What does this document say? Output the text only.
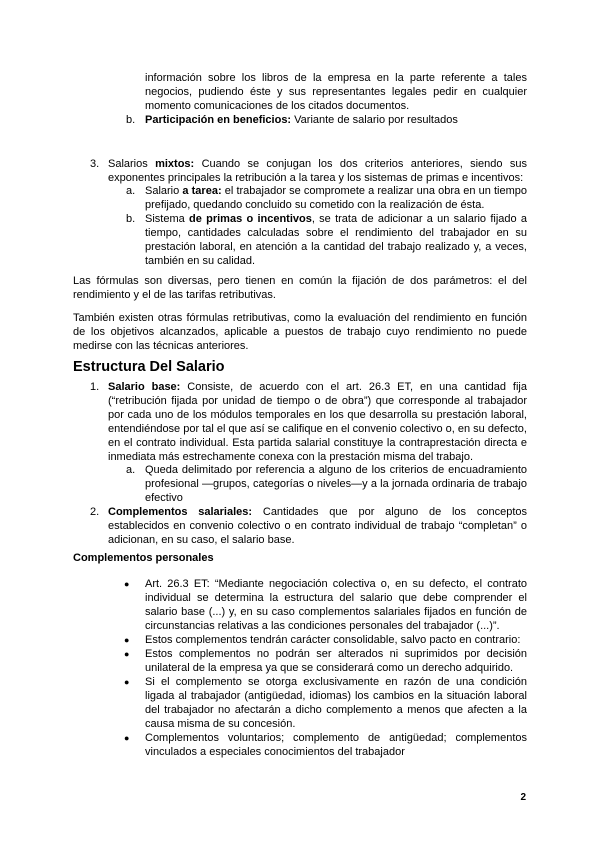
información sobre los libros de la empresa en la parte referente a tales negocios, pudiendo éste y sus representantes legales pedir en cualquier momento comunicaciones de los citados documentos.

b. Participación en beneficios: Variante de salario por resultados

3. Salarios mixtos: Cuando se conjugan los dos criterios anteriores, siendo sus exponentes principales la retribución a la tarea y los sistemas de primas e incentivos:

a. Salario a tarea: el trabajador se compromete a realizar una obra en un tiempo prefijado, quedando concluido su cometido con la realización de ésta.

b. Sistema de primas o incentivos, se trata de adicionar a un salario fijado a tiempo, cantidades calculadas sobre el rendimiento del trabajador en su prestación laboral, en atención a la cantidad del trabajo realizado y, a veces, también en su calidad.

Las fórmulas son diversas, pero tienen en común la fijación de dos parámetros: el del rendimiento y el de las tarifas retributivas.

También existen otras fórmulas retributivas, como la evaluación del rendimiento en función de los objetivos alcanzados, aplicable a puestos de trabajo cuyo rendimiento no puede medirse con las técnicas anteriores.

Estructura Del Salario
1. Salario base: Consiste, de acuerdo con el art. 26.3 ET, en una cantidad fija (“retribución fijada por unidad de tiempo o de obra”) que corresponde al trabajador por cada uno de los módulos temporales en los que desarrolla su prestación laboral, entendiéndose por tal el que así se califique en el convenio colectivo o, en su defecto, en el contrato individual. Esta partida salarial constituye la contraprestación directa e inmediata más estrechamente conexa con la prestación misma del trabajo.

a. Queda delimitado por referencia a alguno de los criterios de encuadramiento profesional —grupos, categorías o niveles—y a la jornada ordinaria de trabajo efectivo

2. Complementos salariales: Cantidades que por alguno de los conceptos establecidos en convenio colectivo o en contrato individual de trabajo “completan” o adicionan, en su caso, el salario base.

Complementos personales
● Art. 26.3 ET: “Mediante negociación colectiva o, en su defecto, el contrato individual se determina la estructura del salario que debe comprender el salario base (...) y, en su caso complementos salariales fijados en función de circunstancias relativas a las condiciones personales del trabajador (...)”.

● Estos complementos tendrán carácter consolidable, salvo pacto en contrario:

● Estos complementos no podrán ser alterados ni suprimidos por decisión unilateral de la empresa ya que se considerará como un derecho adquirido.

● Si el complemento se otorga exclusivamente en razón de una condición ligada al trabajador (antigüedad, idiomas) los cambios en la situación laboral del trabajador no afectarán a dicho complemento a menos que afecten a la causa misma de su concesión.

● Complementos voluntarios; complemento de antigüedad; complementos vinculados a especiales conocimientos del trabajador

2
